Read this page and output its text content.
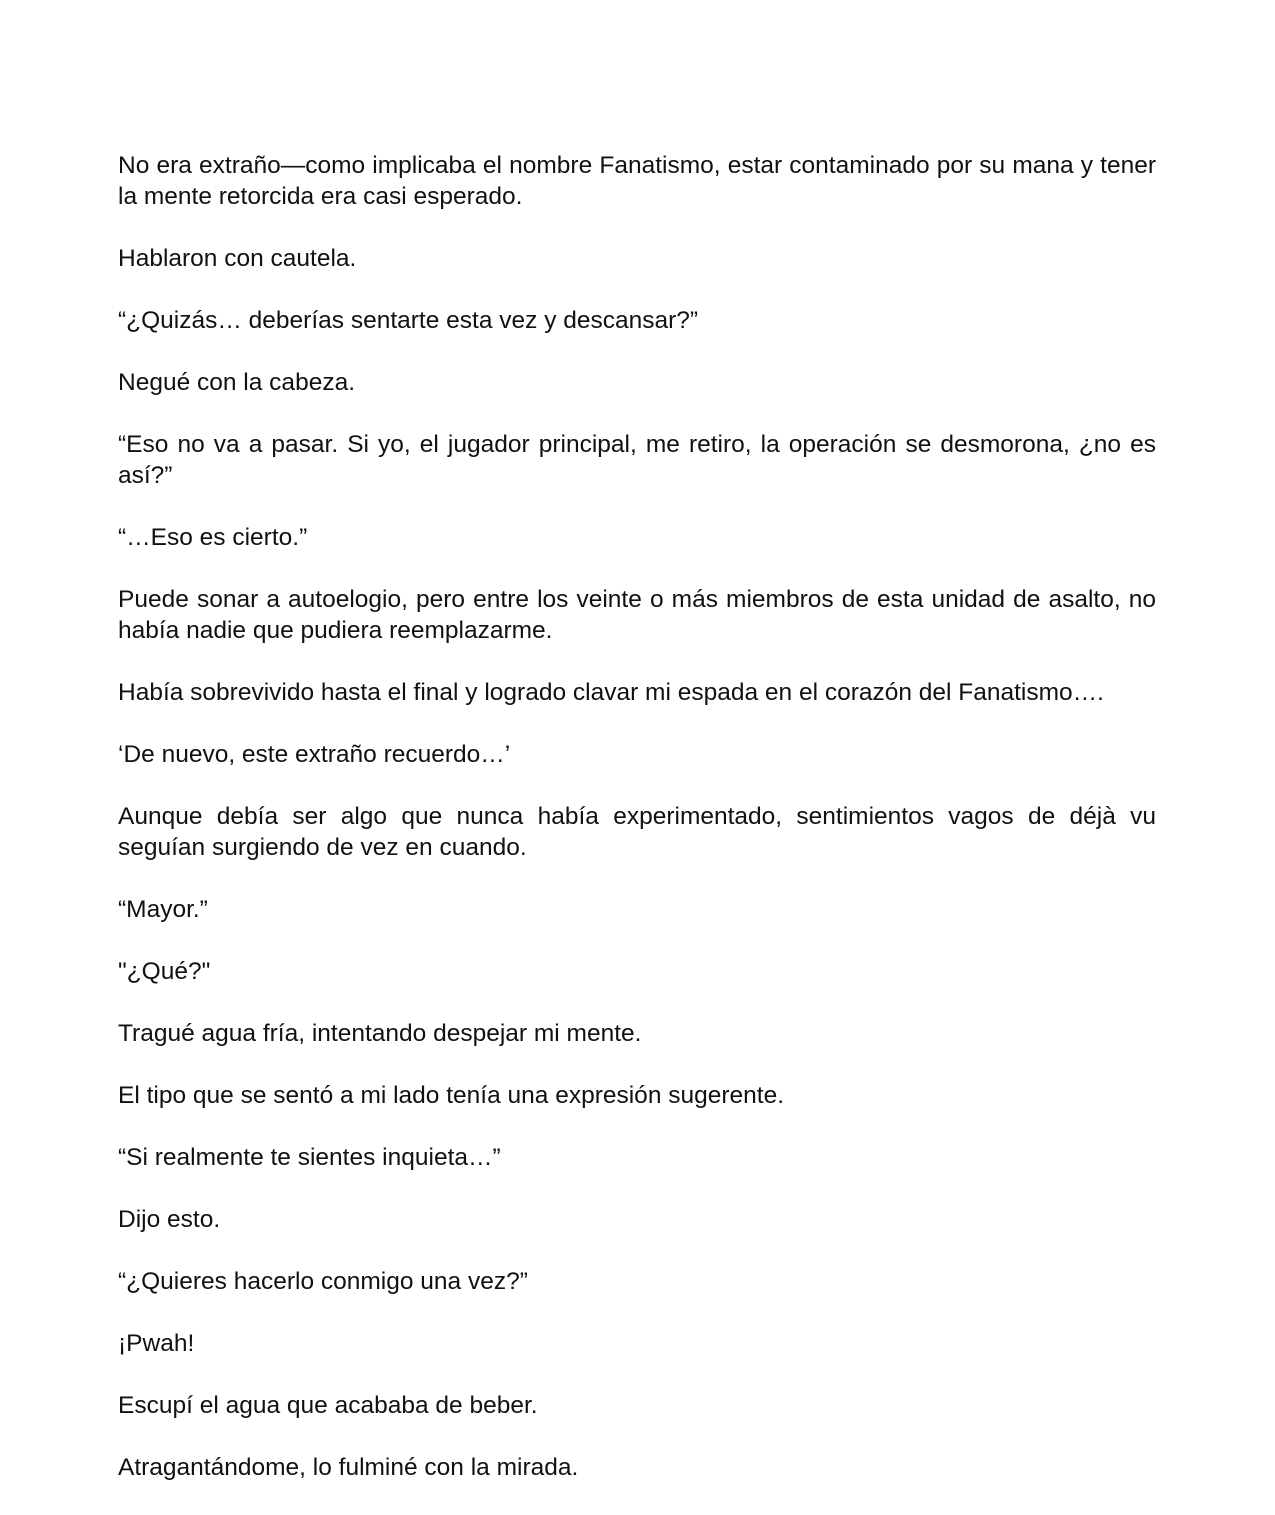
No era extraño—como implicaba el nombre Fanatismo, estar contaminado por su mana y tener la mente retorcida era casi esperado.

Hablaron con cautela.

“¿Quizás… deberías sentarte esta vez y descansar?”

Negué con la cabeza.

“Eso no va a pasar. Si yo, el jugador principal, me retiro, la operación se desmorona, ¿no es así?”

“…Eso es cierto.”

Puede sonar a autoelogio, pero entre los veinte o más miembros de esta unidad de asalto, no había nadie que pudiera reemplazarme.

Había sobrevivido hasta el final y logrado clavar mi espada en el corazón del Fanatismo….

‘De nuevo, este extraño recuerdo…’

Aunque debía ser algo que nunca había experimentado, sentimientos vagos de déjà vu seguían surgiendo de vez en cuando.

“Mayor.”

"¿Qué?"

Tragué agua fría, intentando despejar mi mente.

El tipo que se sentó a mi lado tenía una expresión sugerente.

“Si realmente te sientes inquieta…”

Dijo esto.

“¿Quieres hacerlo conmigo una vez?”

¡Pwah!

Escupí el agua que acababa de beber.

Atragantándome, lo fulminé con la mirada.
